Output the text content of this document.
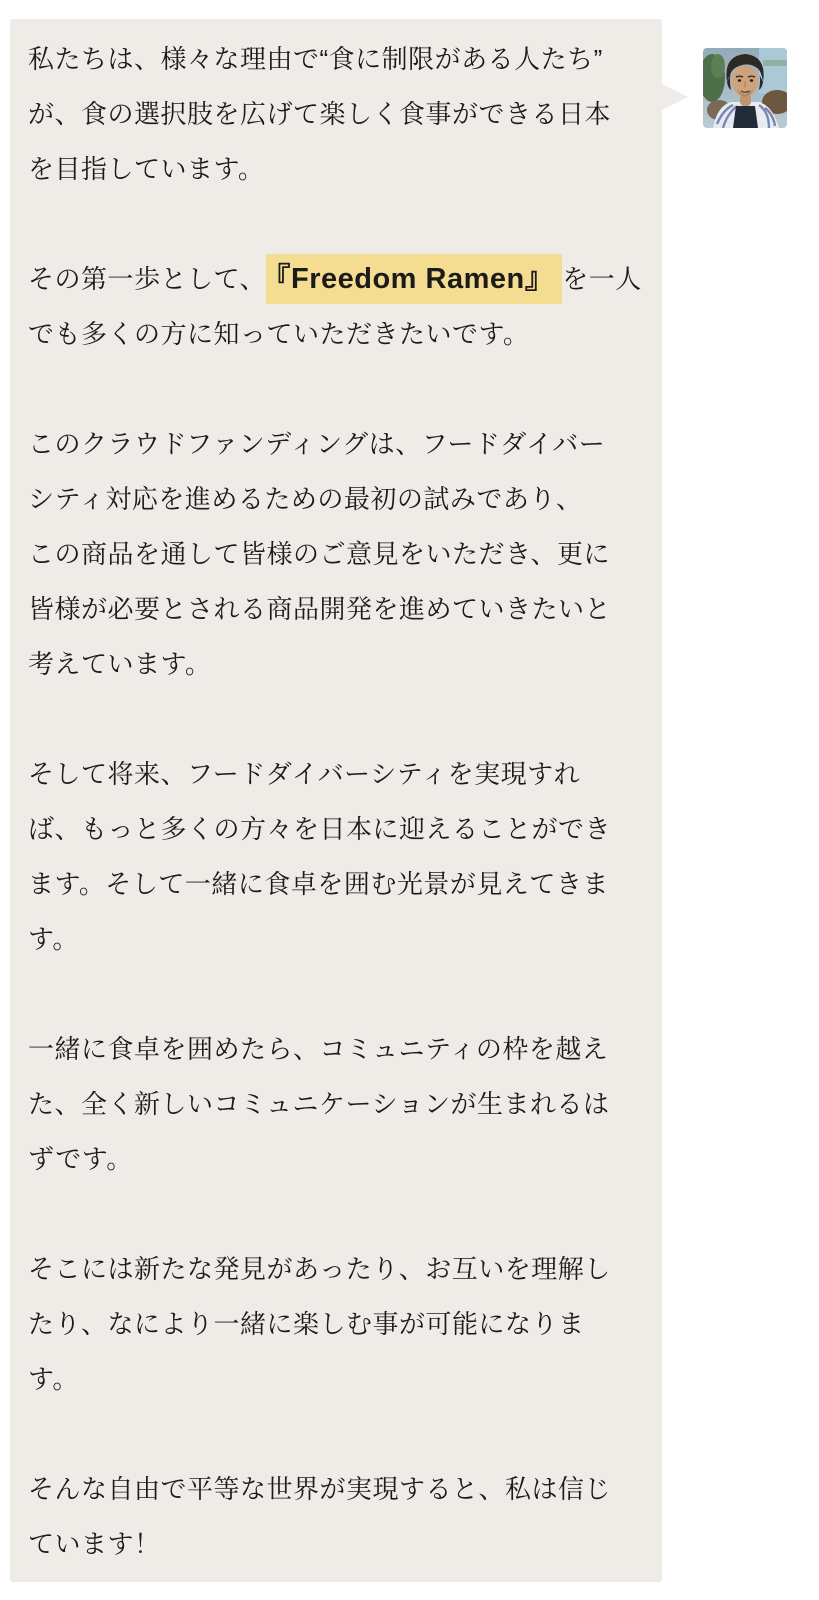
私たちは、様々な理由で“食に制限がある人たち”
が、食の選択肢を広げて楽しく食事ができる日本
を目指しています。

その第一歩として、 『Freedom Ramen』 を一人
でも多くの方に知っていただきたいです。

このクラウドファンディングは、フードダイバー
シティ対応を進めるための最初の試みであり、
この商品を通して皆様のご意見をいただき、更に
皆様が必要とされる商品開発を進めていきたいと
考えています。

そして将来、フードダイバーシティを実現すれ
ば、もっと多くの方々を日本に迎えることができ
ます。そして一緒に食卓を囲む光景が見えてきま
す。

一緒に食卓を囲めたら、コミュニティの枠を越え
た、全く新しいコミュニケーションが生まれるは
ずです。

そこには新たな発見があったり、お互いを理解し
たり、なにより一緒に楽しむ事が可能になりま
す。

そんな自由で平等な世界が実現すると、私は信じ
ています！
